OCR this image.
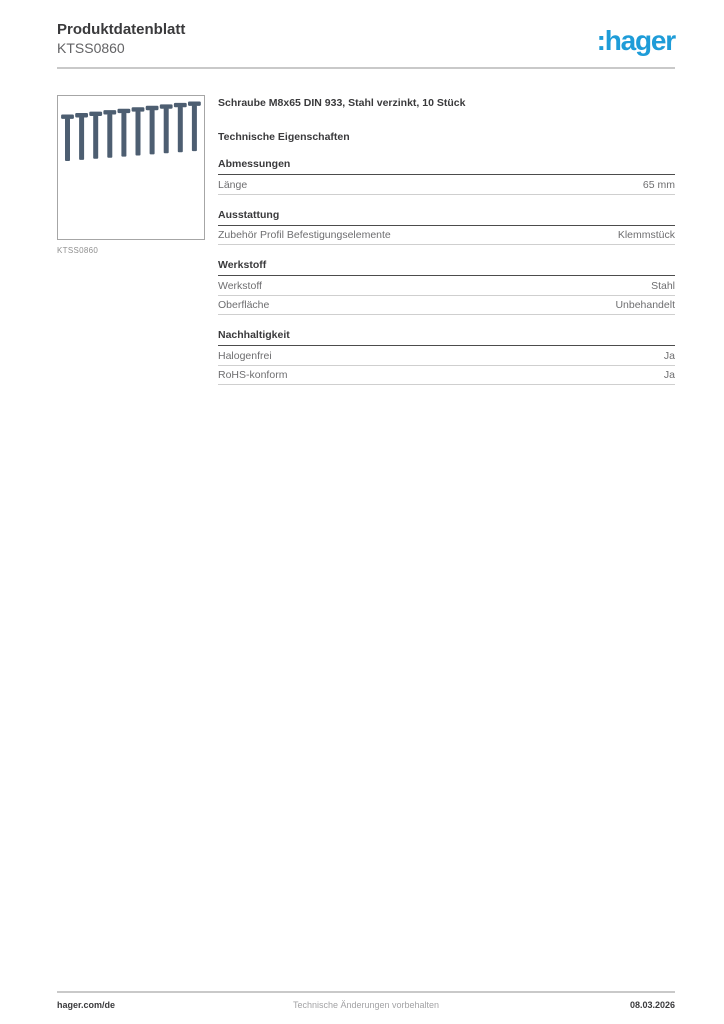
Produktdatenblatt
KTSS0860	:hager
KTSS0860
Schraube M8x65 DIN 933, Stahl verzinkt, 10 Stück
Technische Eigenschaften
Abmessungen
Länge	65 mm
Ausstattung
Zubehör Profil Befestigungselemente	Klemmstück
Werkstoff
Werkstoff	Stahl
Oberfläche	Unbehandelt
Nachhaltigkeit
Halogenfrei	Ja
RoHS-konform	Ja
hager.com/de	Technische Änderungen vorbehalten	08.03.2026
